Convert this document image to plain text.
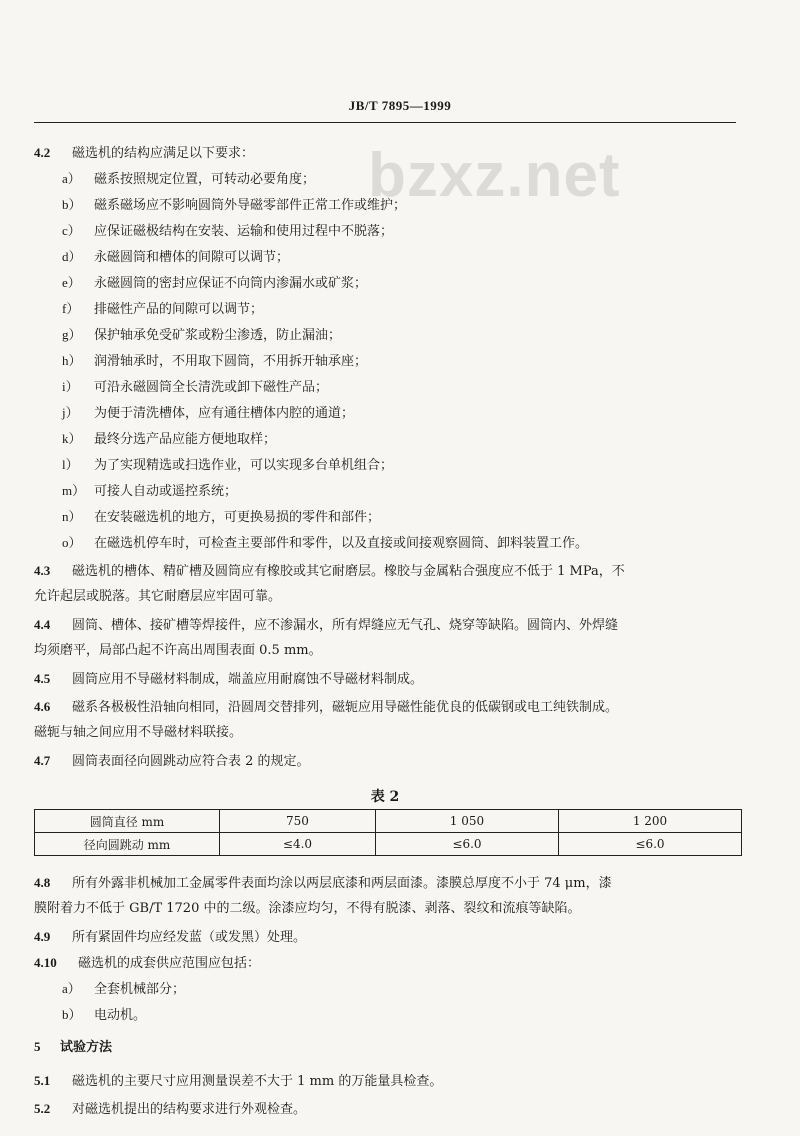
JB/T 7895—1999
bzxz.net
4.2 磁选机的结构应满足以下要求：
a） 磁系按照规定位置，可转动必要角度；
b） 磁系磁场应不影响圆筒外导磁零部件正常工作或维护；
c） 应保证磁极结构在安装、运输和使用过程中不脱落；
d） 永磁圆筒和槽体的间隙可以调节；
e） 永磁圆筒的密封应保证不向筒内渗漏水或矿浆；
f） 排磁性产品的间隙可以调节；
g） 保护轴承免受矿浆或粉尘渗透，防止漏油；
h） 润滑轴承时，不用取下圆筒，不用拆开轴承座；
i） 可沿永磁圆筒全长清洗或卸下磁性产品；
j） 为便于清洗槽体，应有通往槽体内腔的通道；
k） 最终分选产品应能方便地取样；
l） 为了实现精选或扫选作业，可以实现多台单机组合；
m） 可接人自动或遥控系统；
n） 在安装磁选机的地方，可更换易损的零件和部件；
o） 在磁选机停车时，可检查主要部件和零件，以及直接或间接观察圆筒、卸料装置工作。
4.3 磁选机的槽体、精矿槽及圆筒应有橡胶或其它耐磨层。橡胶与金属粘合强度应不低于 1 MPa，不
允许起层或脱落。其它耐磨层应牢固可靠。
4.4 圆筒、槽体、接矿槽等焊接件，应不渗漏水，所有焊缝应无气孔、烧穿等缺陷。圆筒内、外焊缝
均须磨平，局部凸起不许高出周围表面 0.5 mm。
4.5 圆筒应用不导磁材料制成，端盖应用耐腐蚀不导磁材料制成。
4.6 磁系各极极性沿轴向相同，沿圆周交替排列，磁轭应用导磁性能优良的低碳钢或电工纯铁制成。
磁轭与轴之间应用不导磁材料联接。
4.7 圆筒表面径向圆跳动应符合表 2 的规定。
表 2
圆筒直径 mm	750	1 050	1 200
径向圆跳动 mm	≤4.0	≤6.0	≤6.0
4.8 所有外露非机械加工金属零件表面均涂以两层底漆和两层面漆。漆膜总厚度不小于 74 μm，漆
膜附着力不低于 GB/T 1720 中的二级。涂漆应均匀，不得有脱漆、剥落、裂纹和流痕等缺陷。
4.9 所有紧固件均应经发蓝（或发黑）处理。
4.10 磁选机的成套供应范围应包括：
a） 全套机械部分；
b） 电动机。
5 试验方法
5.1 磁选机的主要尺寸应用测量误差不大于 1 mm 的万能量具检查。
5.2 对磁选机提出的结构要求进行外观检查。
